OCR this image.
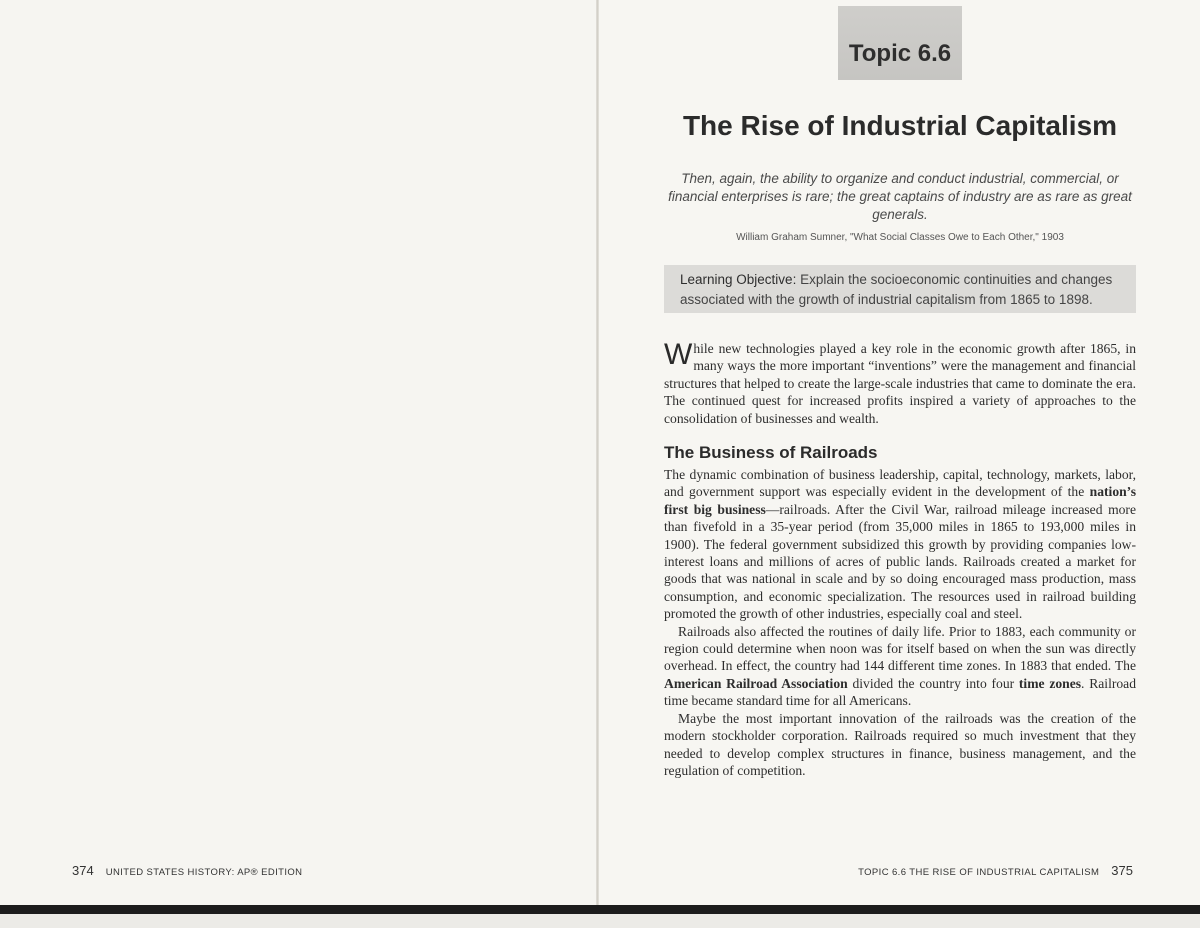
Topic 6.6
The Rise of Industrial Capitalism
Then, again, the ability to organize and conduct industrial, commercial, or financial enterprises is rare; the great captains of industry are as rare as great generals.
William Graham Sumner, "What Social Classes Owe to Each Other," 1903
Learning Objective: Explain the socioeconomic continuities and changes associated with the growth of industrial capitalism from 1865 to 1898.
While new technologies played a key role in the economic growth after 1865, in many ways the more important “inventions” were the management and financial structures that helped to create the large-scale industries that came to dominate the era. The continued quest for increased profits inspired a variety of approaches to the consolidation of businesses and wealth.
The Business of Railroads

The dynamic combination of business leadership, capital, technology, markets, labor, and government support was especially evident in the development of the nation’s first big business—railroads. After the Civil War, railroad mileage increased more than fivefold in a 35-year period (from 35,000 miles in 1865 to 193,000 miles in 1900). The federal government subsidized this growth by providing companies low-interest loans and millions of acres of public lands. Railroads created a market for goods that was national in scale and by so doing encouraged mass production, mass consumption, and economic specialization. The resources used in railroad building promoted the growth of other industries, especially coal and steel.

Railroads also affected the routines of daily life. Prior to 1883, each community or region could determine when noon was for itself based on when the sun was directly overhead. In effect, the country had 144 different time zones. In 1883 that ended. The American Railroad Association divided the country into four time zones. Railroad time became standard time for all Americans.

Maybe the most important innovation of the railroads was the creation of the modern stockholder corporation. Railroads required so much investment that they needed to develop complex structures in finance, business management, and the regulation of competition.

374 UNITED STATES HISTORY: AP® EDITION	TOPIC 6.6 THE RISE OF INDUSTRIAL CAPITALISM 375
